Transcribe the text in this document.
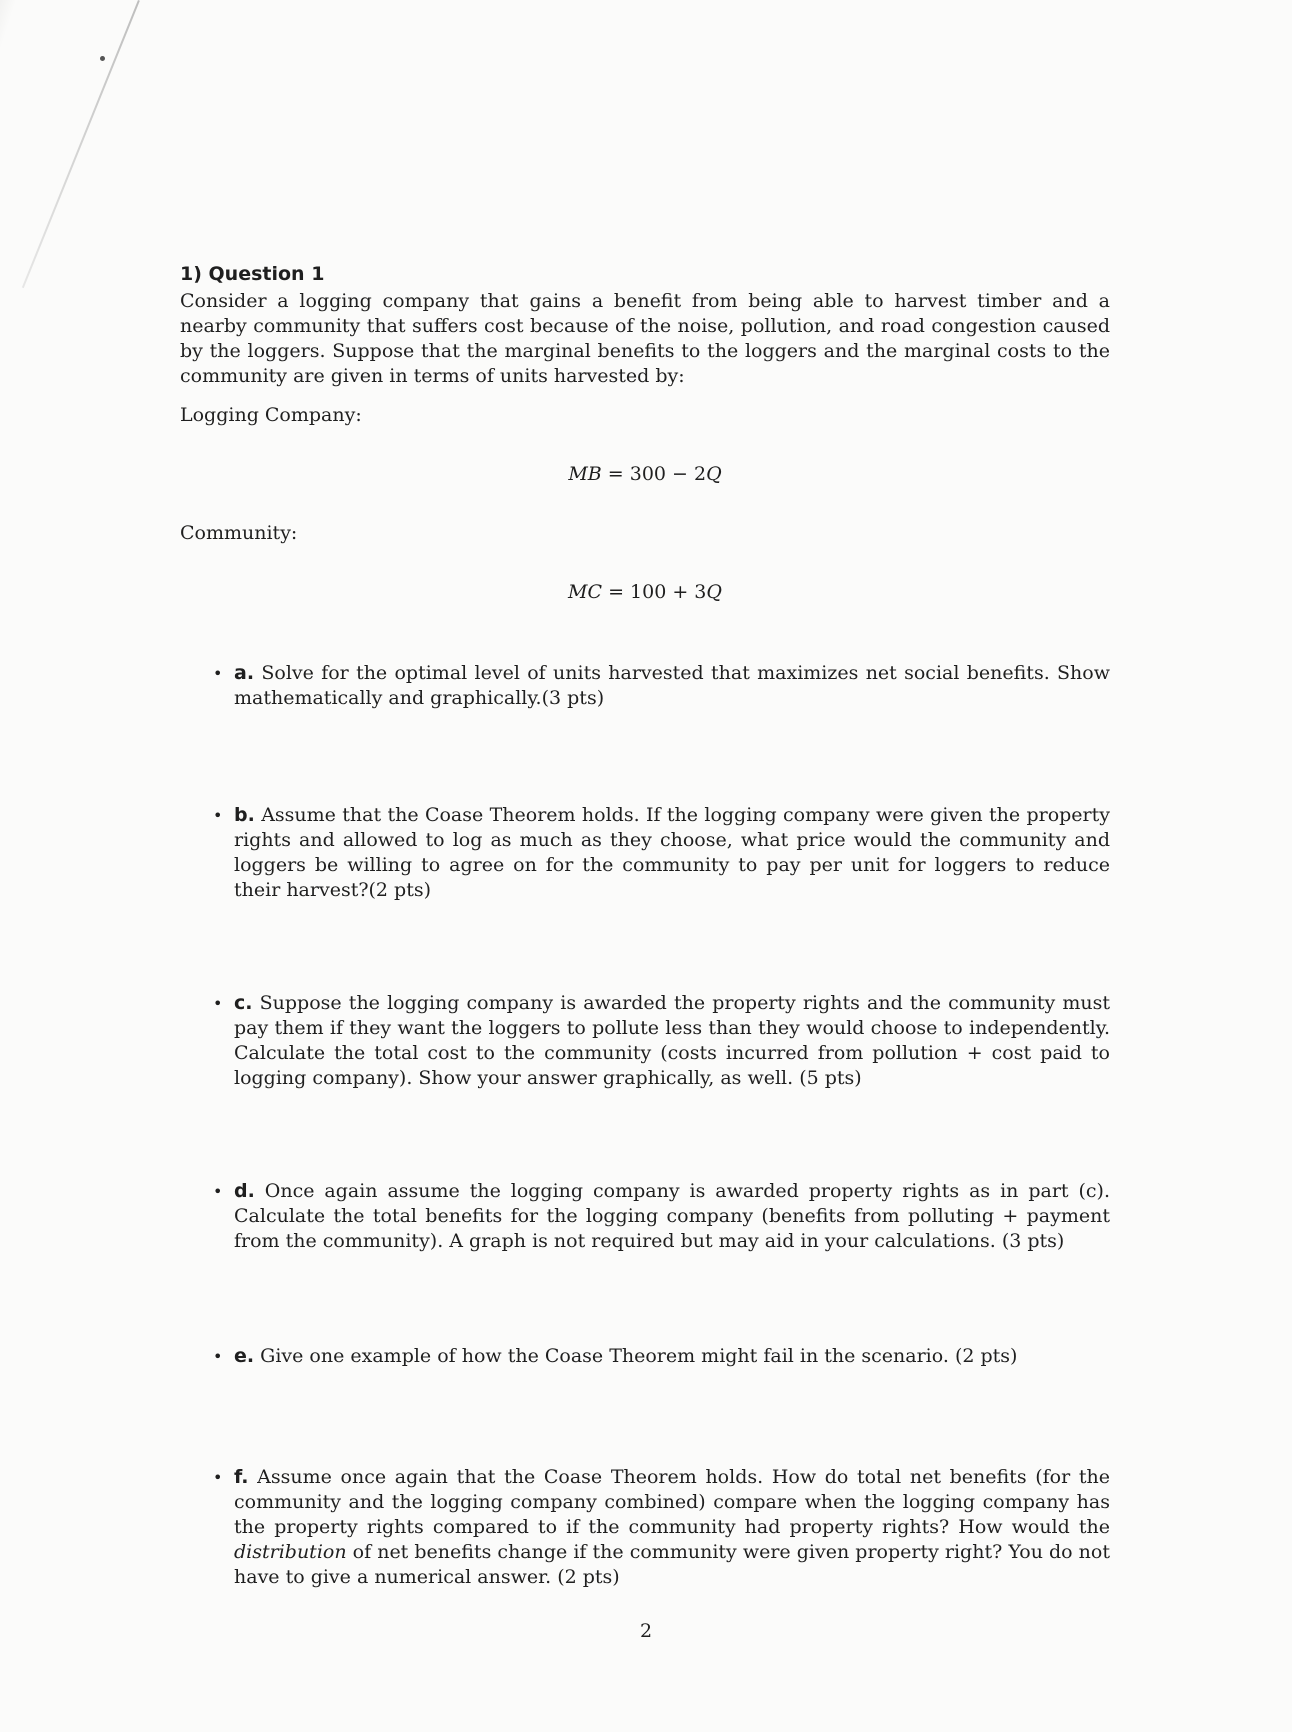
1) Question 1

Consider a logging company that gains a benefit from being able to harvest timber and a nearby community that suffers cost because of the noise, pollution, and road congestion caused by the loggers. Suppose that the marginal benefits to the loggers and the marginal costs to the community are given in terms of units harvested by:

Logging Company:

MB = 300 − 2Q

Community:

MC = 100 + 3Q
• a. Solve for the optimal level of units harvested that maximizes net social benefits. Show mathematically and graphically.(3 pts)
• b. Assume that the Coase Theorem holds. If the logging company were given the property rights and allowed to log as much as they choose, what price would the community and loggers be willing to agree on for the community to pay per unit for loggers to reduce their harvest?(2 pts)
• c. Suppose the logging company is awarded the property rights and the community must pay them if they want the loggers to pollute less than they would choose to independently. Calculate the total cost to the community (costs incurred from pollution + cost paid to logging company). Show your answer graphically, as well. (5 pts)
• d. Once again assume the logging company is awarded property rights as in part (c). Calculate the total benefits for the logging company (benefits from polluting + payment from the community). A graph is not required but may aid in your calculations. (3 pts)
• e. Give one example of how the Coase Theorem might fail in the scenario. (2 pts)
• f. Assume once again that the Coase Theorem holds. How do total net benefits (for the community and the logging company combined) compare when the logging company has the property rights compared to if the community had property rights? How would the distribution of net benefits change if the community were given property right? You do not have to give a numerical answer. (2 pts)
2
